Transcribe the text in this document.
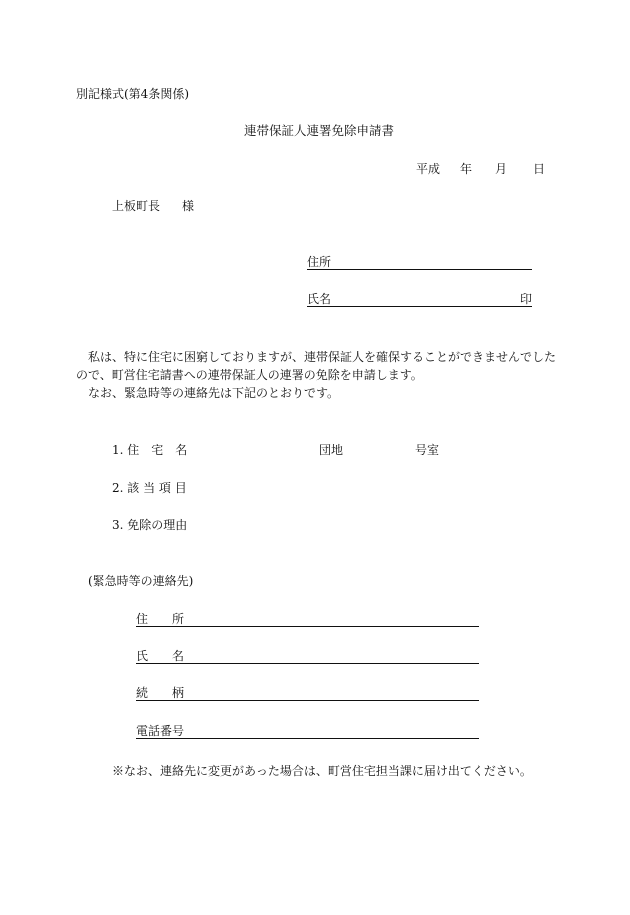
別記様式(第4条関係)
連帯保証人連署免除申請書
平成 年 月 日
上板町長 様
住所
氏名	印

私は、特に住宅に困窮しておりますが、連帯保証人を確保することができませんでした

ので、町営住宅請書への連帯保証人の連署の免除を申請します。

なお、緊急時等の連絡先は下記のとおりです。

1. 住　宅　名	団地	号室
2. 該 当 項 目
3. 免除の理由
(緊急時等の連絡先)
住　　所
氏　　名
続　　柄
電話番号
※なお、連絡先に変更があった場合は、町営住宅担当課に届け出てください。
